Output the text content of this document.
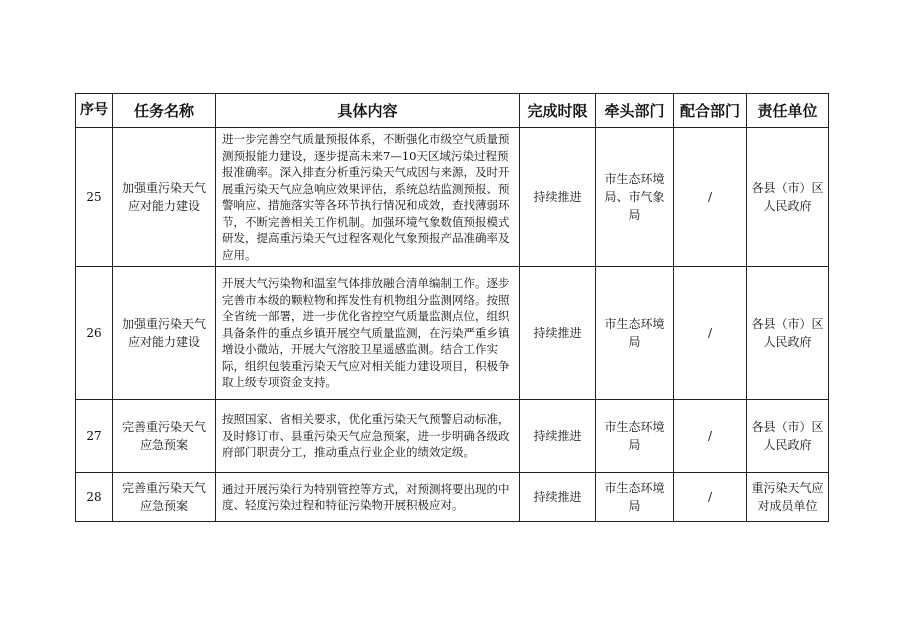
序号	任务名称	具体内容	完成时限	牵头部门	配合部门	责任单位
25	加强重污染天气应对能力建设	进一步完善空气质量预报体系，不断强化市级空气质量预测预报能力建设，逐步提高未来7—10天区域污染过程预报准确率。深入排查分析重污染天气成因与来源，及时开展重污染天气应急响应效果评估，系统总结监测预报、预警响应、措施落实等各环节执行情况和成效，查找薄弱环节，不断完善相关工作机制。加强环境气象数值预报模式研发，提高重污染天气过程客观化气象预报产品准确率及应用。	持续推进	市生态环境局、市气象局	/	各县（市）区人民政府
26	加强重污染天气应对能力建设	开展大气污染物和温室气体排放融合清单编制工作。逐步完善市本级的颗粒物和挥发性有机物组分监测网络。按照全省统一部署，进一步优化省控空气质量监测点位，组织具备条件的重点乡镇开展空气质量监测，在污染严重乡镇增设小微站，开展大气溶胶卫星遥感监测。结合工作实际，组织包装重污染天气应对相关能力建设项目，积极争取上级专项资金支持。	持续推进	市生态环境局	/	各县（市）区人民政府
27	完善重污染天气应急预案	按照国家、省相关要求，优化重污染天气预警启动标准，及时修订市、县重污染天气应急预案，进一步明确各级政府部门职责分工，推动重点行业企业的绩效定级。	持续推进	市生态环境局	/	各县（市）区人民政府
28	完善重污染天气应急预案	通过开展污染行为特别管控等方式，对预测将要出现的中度、轻度污染过程和特征污染物开展积极应对。	持续推进	市生态环境局	/	重污染天气应对成员单位
